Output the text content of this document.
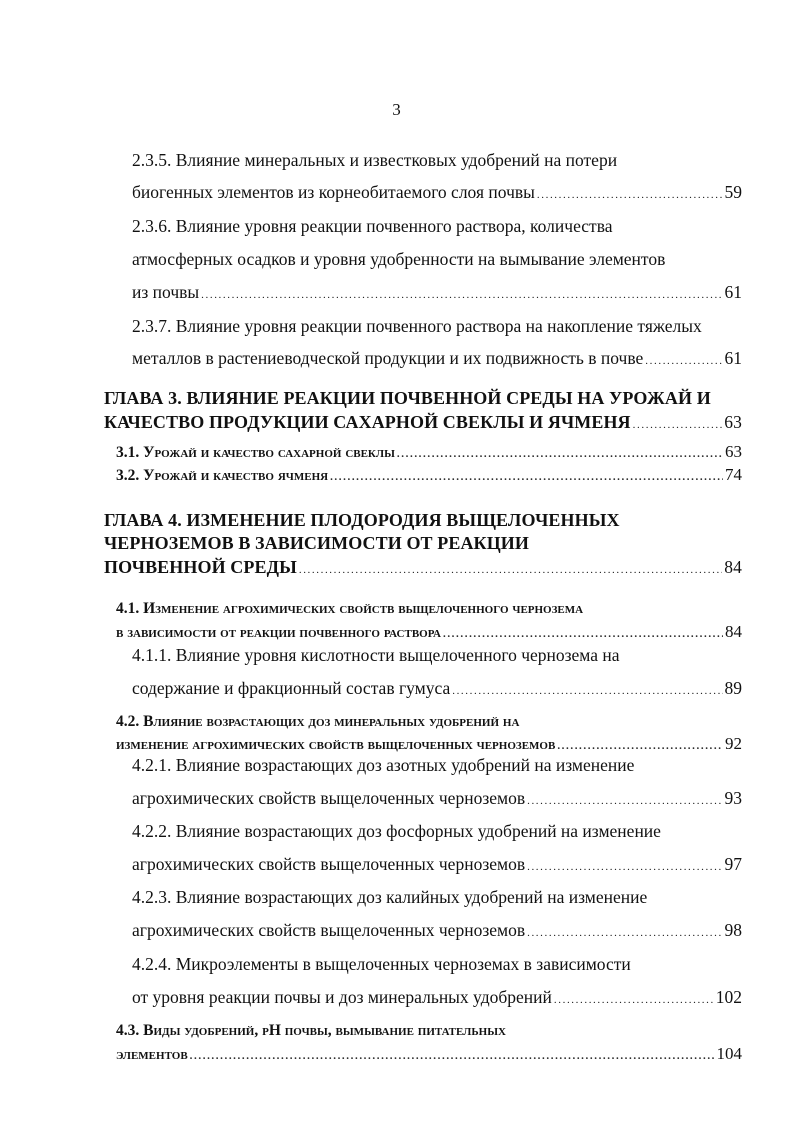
3
2.3.5. Влияние минеральных и известковых удобрений на потери
биогенных элементов из корнеобитаемого слоя почвы .....	59
2.3.6. Влияние уровня реакции почвенного раствора, количества
атмосферных осадков и уровня удобренности на вымывание элементов
из почвы .....	61
2.3.7. Влияние уровня реакции почвенного раствора на накопление тяжелых
металлов в растениеводческой продукции и их подвижность в почве .....	61
ГЛАВА 3. ВЛИЯНИЕ РЕАКЦИИ ПОЧВЕННОЙ СРЕДЫ НА УРОЖАЙ И
КАЧЕСТВО ПРОДУКЦИИ САХАРНОЙ СВЕКЛЫ И ЯЧМЕНЯ .....	63
3.1. Урожай и качество сахарной свеклы .....	63
3.2. Урожай и качество ячменя .....	74
ГЛАВА 4. ИЗМЕНЕНИЕ ПЛОДОРОДИЯ ВЫЩЕЛОЧЕННЫХ
ЧЕРНОЗЕМОВ В ЗАВИСИМОСТИ ОТ РЕАКЦИИ
ПОЧВЕННОЙ СРЕДЫ .....	84
4.1. Изменение агрохимических свойств выщелоченного чернозема
в зависимости от реакции почвенного раствора .....	84
4.1.1. Влияние уровня кислотности выщелоченного чернозема на
содержание и фракционный состав гумуса .....	89
4.2. Влияние возрастающих доз минеральных удобрений на
изменение агрохимических свойств выщелоченных черноземов .....	92
4.2.1. Влияние возрастающих доз азотных удобрений на изменение
агрохимических свойств выщелоченных черноземов .....	93
4.2.2. Влияние возрастающих доз фосфорных удобрений на изменение
агрохимических свойств выщелоченных черноземов .....	97
4.2.3. Влияние возрастающих доз калийных удобрений на изменение
агрохимических свойств выщелоченных черноземов .....	98
4.2.4. Микроэлементы в выщелоченных черноземах в зависимости
от уровня реакции почвы и доз минеральных удобрений .....	102
4.3. Виды удобрений, pH почвы, вымывание питательных
элементов .....	104
